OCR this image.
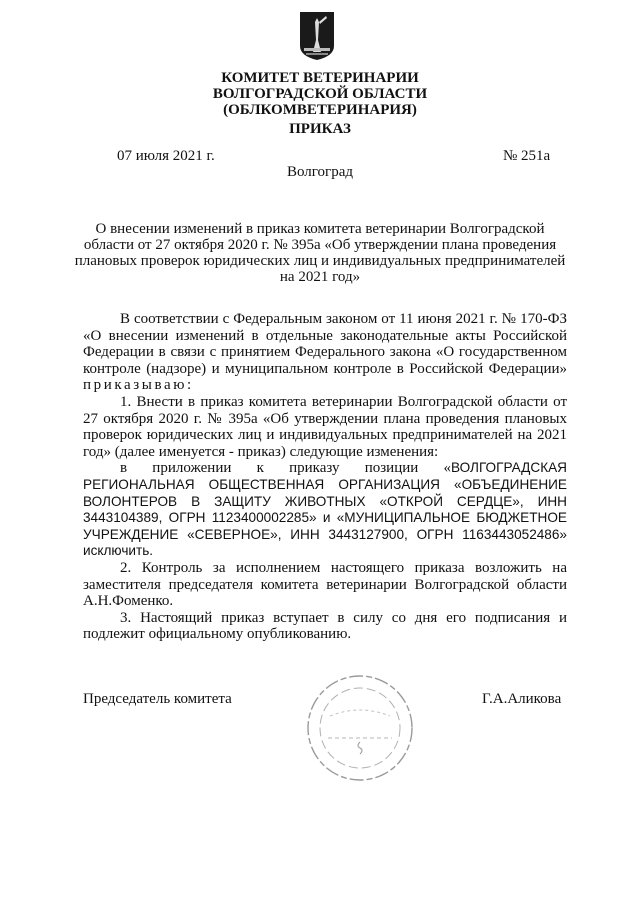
КОМИТЕТ ВЕТЕРИНАРИИ
ВОЛГОГРАДСКОЙ ОБЛАСТИ
(ОБЛКОМВЕТЕРИНАРИЯ)
ПРИКАЗ
07 июля 2021 г.	№ 251а
Волгоград
О внесении изменений в приказ комитета ветеринарии Волгоградской области от 27 октября 2020 г. № 395а «Об утверждении плана проведения плановых проверок юридических лиц и индивидуальных предпринимателей на 2021 год»

В соответствии с Федеральным законом от 11 июня 2021 г. № 170-ФЗ «О внесении изменений в отдельные законодательные акты Российской Федерации в связи с принятием Федерального закона «О государственном контроле (надзоре) и муниципальном контроле в Российской Федерации» приказываю:

1. Внести в приказ комитета ветеринарии Волгоградской области от 27 октября 2020 г. № 395а «Об утверждении плана проведения плановых проверок юридических лиц и индивидуальных предпринимателей на 2021 год» (далее именуется - приказ) следующие изменения:

в приложении к приказу позиции «ВОЛГОГРАДСКАЯ РЕГИОНАЛЬНАЯ ОБЩЕСТВЕННАЯ ОРГАНИЗАЦИЯ «ОБЪЕДИНЕНИЕ ВОЛОНТЕРОВ В ЗАЩИТУ ЖИВОТНЫХ «ОТКРОЙ СЕРДЦЕ», ИНН 3443104389, ОГРН 1123400002285» и «МУНИЦИПАЛЬНОЕ БЮДЖЕТНОЕ УЧРЕЖДЕНИЕ «СЕВЕРНОЕ», ИНН 3443127900, ОГРН 1163443052486» исключить.

2. Контроль за исполнением настоящего приказа возложить на заместителя председателя комитета ветеринарии Волгоградской области А.Н.Фоменко.

3. Настоящий приказ вступает в силу со дня его подписания и подлежит официальному опубликованию.

Председатель комитета	Г.А.Аликова
